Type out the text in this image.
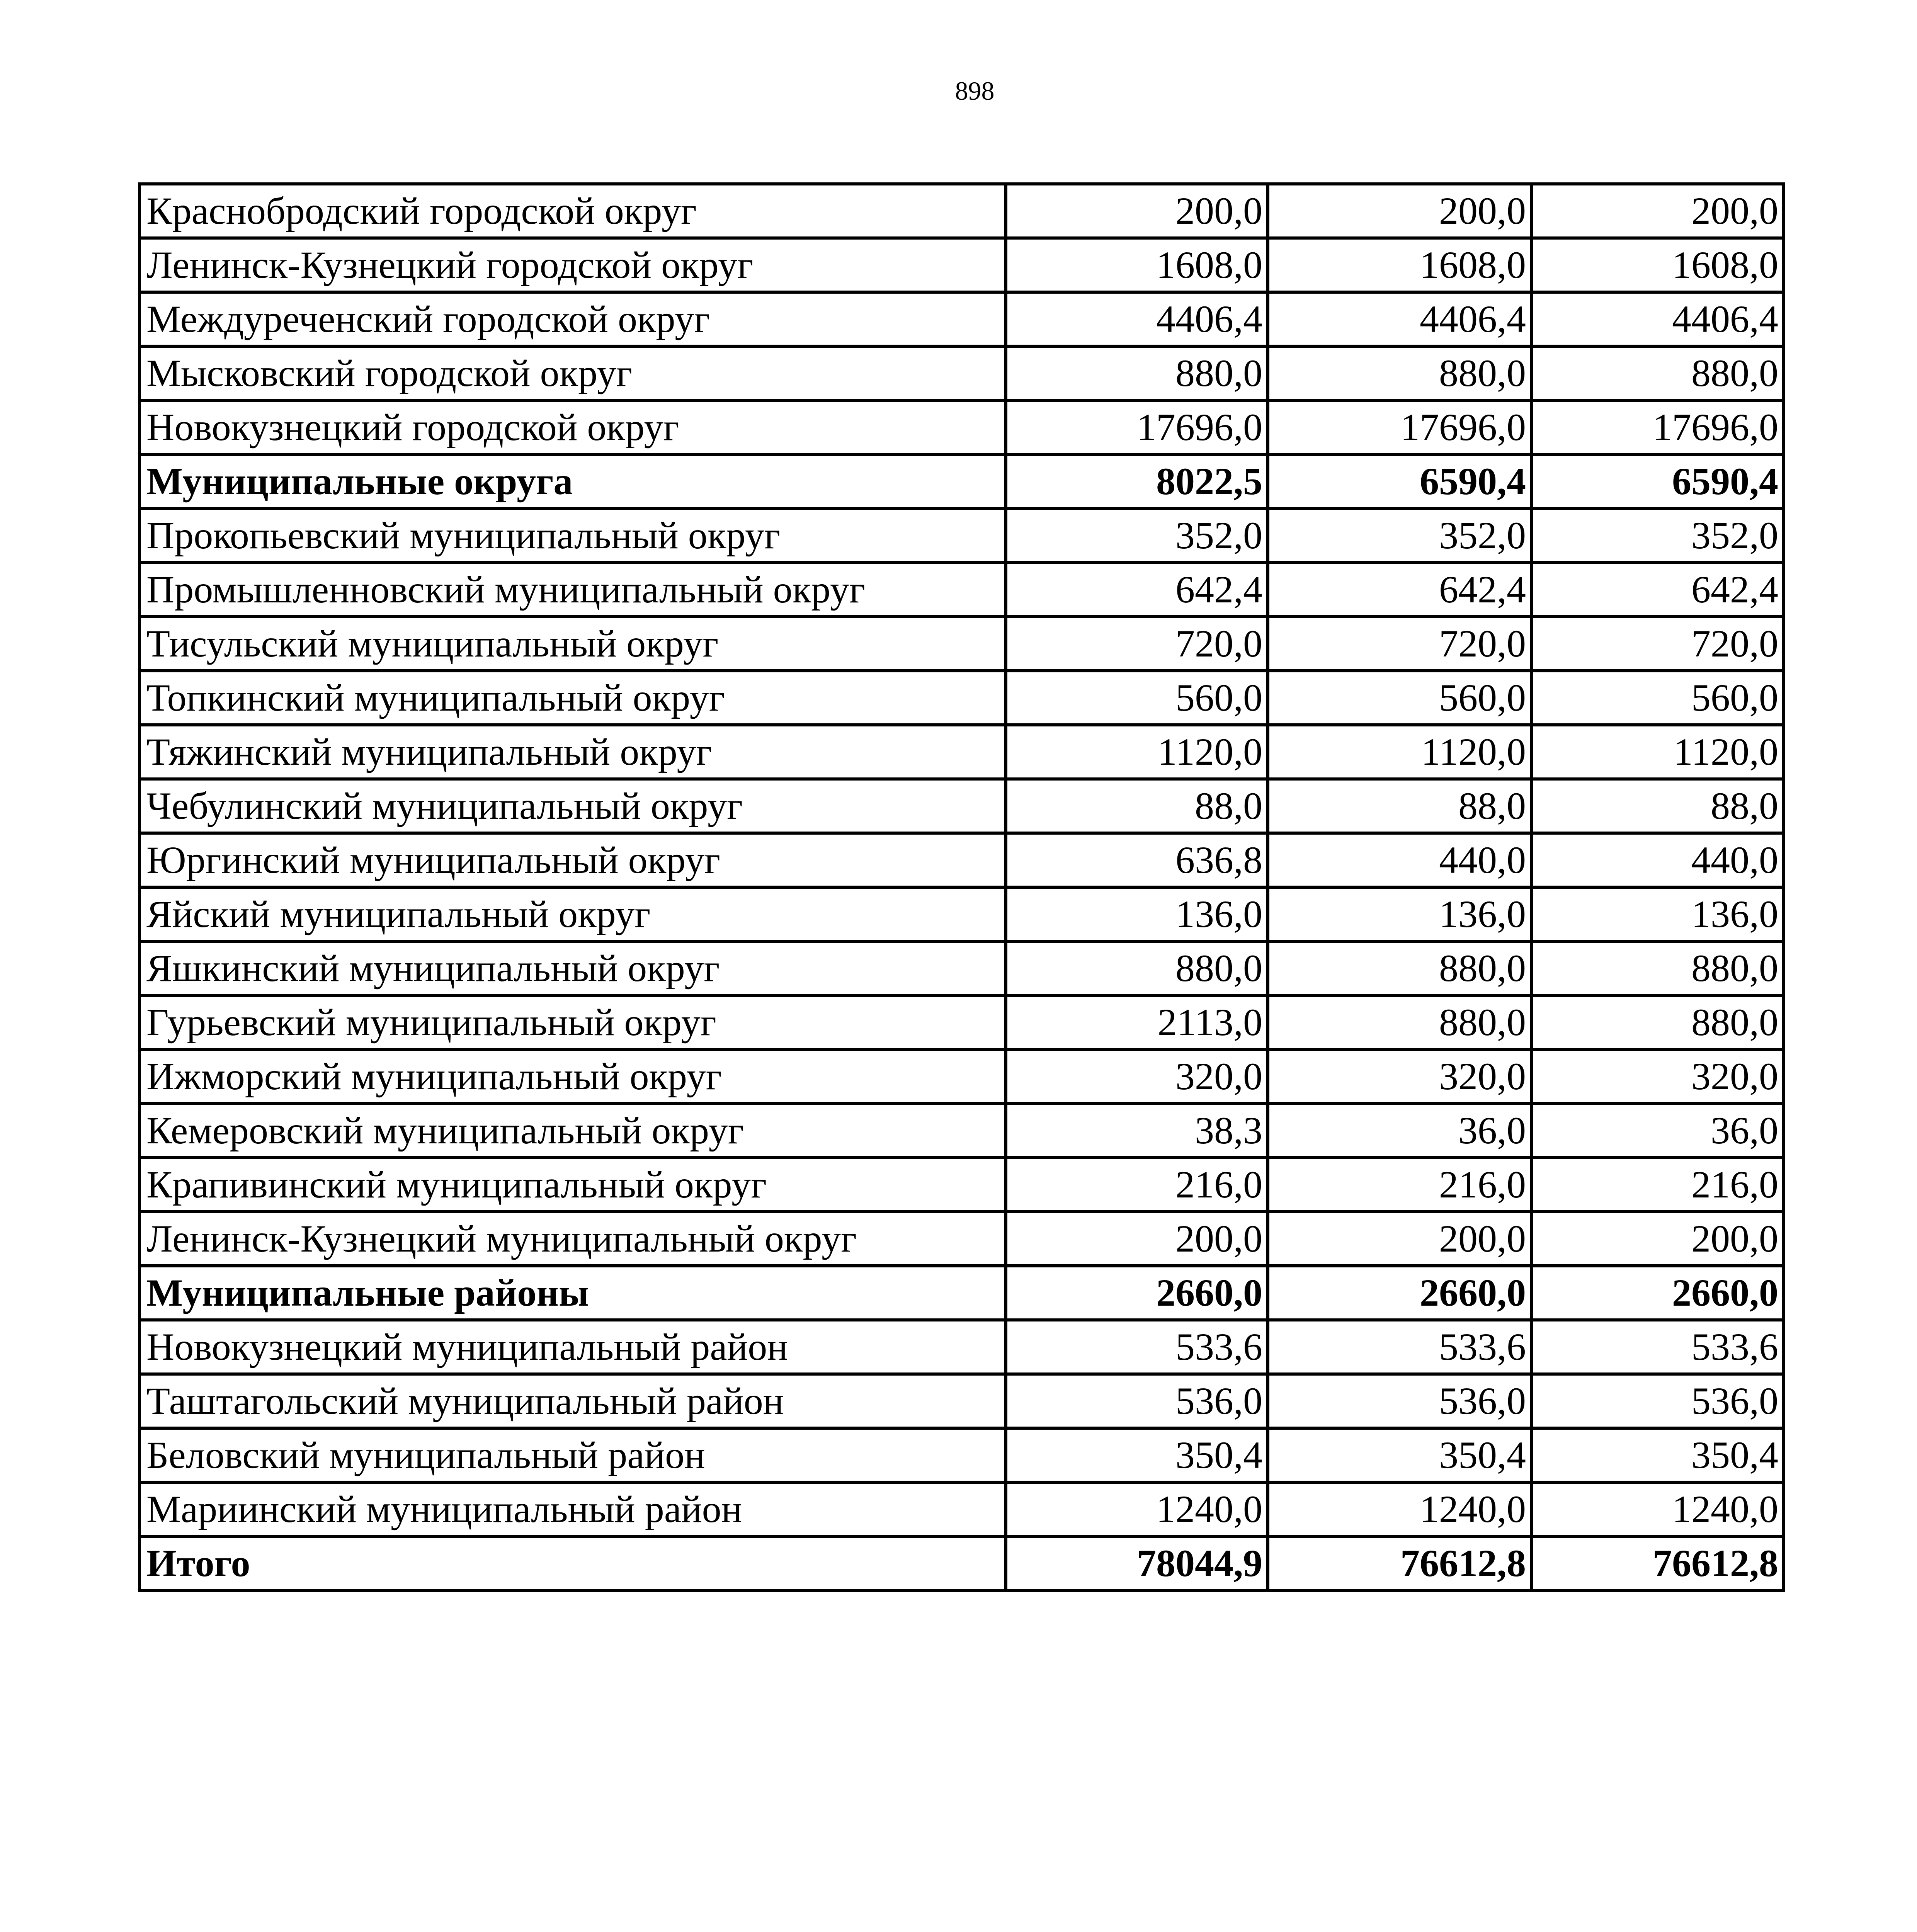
898
Краснобродский городской округ	200,0	200,0	200,0
Ленинск-Кузнецкий городской округ	1608,0	1608,0	1608,0
Междуреченский городской округ	4406,4	4406,4	4406,4
Мысковский городской округ	880,0	880,0	880,0
Новокузнецкий городской округ	17696,0	17696,0	17696,0
Муниципальные округа	8022,5	6590,4	6590,4
Прокопьевский муниципальный округ	352,0	352,0	352,0
Промышленновский муниципальный округ	642,4	642,4	642,4
Тисульский муниципальный округ	720,0	720,0	720,0
Топкинский муниципальный округ	560,0	560,0	560,0
Тяжинский муниципальный округ	1120,0	1120,0	1120,0
Чебулинский муниципальный округ	88,0	88,0	88,0
Юргинский муниципальный округ	636,8	440,0	440,0
Яйский муниципальный округ	136,0	136,0	136,0
Яшкинский муниципальный округ	880,0	880,0	880,0
Гурьевский муниципальный округ	2113,0	880,0	880,0
Ижморский муниципальный округ	320,0	320,0	320,0
Кемеровский муниципальный округ	38,3	36,0	36,0
Крапивинский муниципальный округ	216,0	216,0	216,0
Ленинск-Кузнецкий муниципальный округ	200,0	200,0	200,0
Муниципальные районы	2660,0	2660,0	2660,0
Новокузнецкий муниципальный район	533,6	533,6	533,6
Таштагольский муниципальный район	536,0	536,0	536,0
Беловский муниципальный район	350,4	350,4	350,4
Мариинский муниципальный район	1240,0	1240,0	1240,0
Итого	78044,9	76612,8	76612,8
